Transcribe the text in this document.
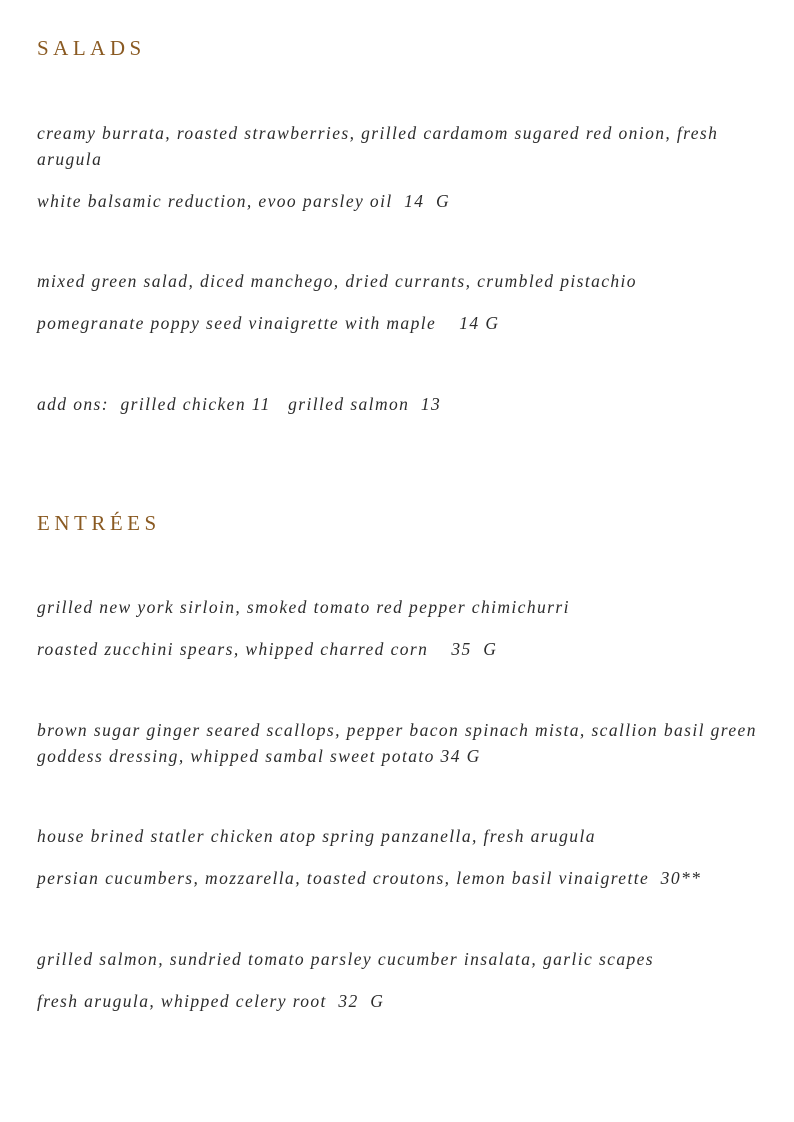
SALADS

creamy burrata, roasted strawberries, grilled cardamom sugared red onion, fresh arugula

white balsamic reduction, evoo parsley oil  14  G

mixed green salad, diced manchego, dried currants, crumbled pistachio

pomegranate poppy seed vinaigrette with maple    14 G

add ons:  grilled chicken 11   grilled salmon  13

ENTRÉES

grilled new york sirloin, smoked tomato red pepper chimichurri

roasted zucchini spears, whipped charred corn    35  G

brown sugar ginger seared scallops, pepper bacon spinach mista, scallion basil green goddess dressing, whipped sambal sweet potato 34 G

house brined statler chicken atop spring panzanella, fresh arugula

persian cucumbers, mozzarella, toasted croutons, lemon basil vinaigrette  30**

grilled salmon, sundried tomato parsley cucumber insalata, garlic scapes

fresh arugula, whipped celery root  32  G
